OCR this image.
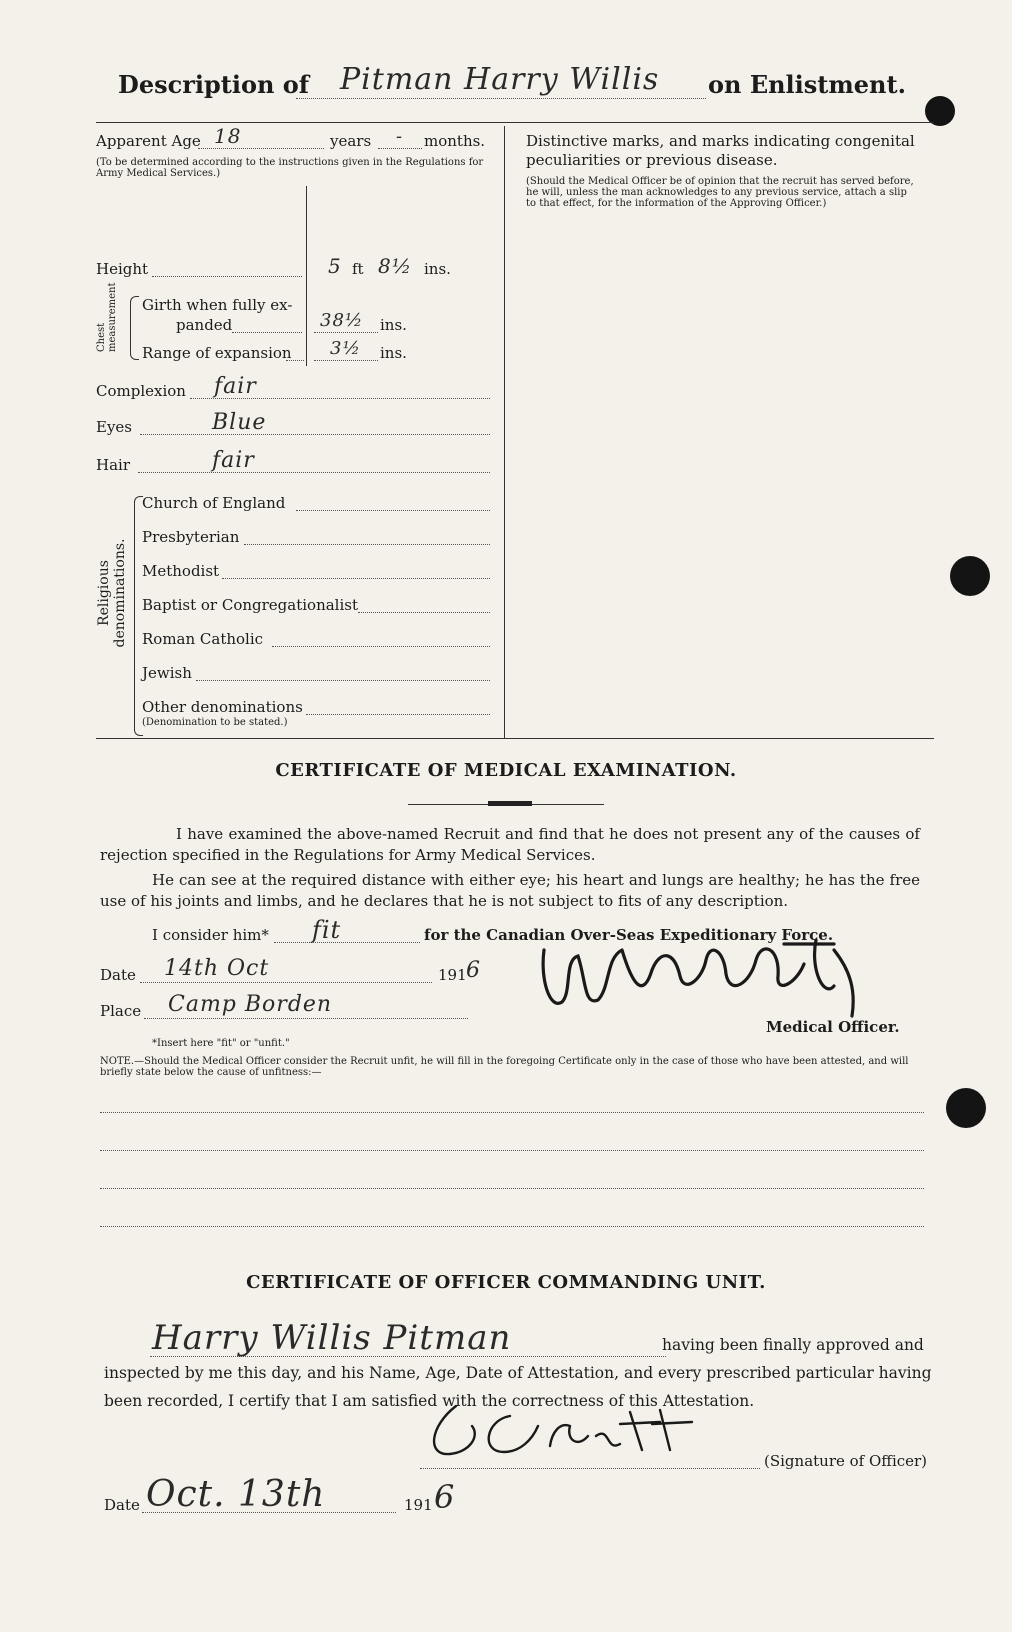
Description of Pitman Harry Willis on Enlistment.
Apparent Age 18	years - months.
(To be determined according to the instructions given in the Regulations for Army Medical Services.)
Height	5 ft 8½ ins.
Chest measurement Girth when fully ex-
panded	38½ ins.
Range of expansion 3½ ins.
Complexion fair
Eyes	Blue
Hair	fair
Religious denominations.
Church of England
Presbyterian
Methodist
Baptist or Congregationalist
Roman Catholic
Jewish
Other denominations
(Denomination to be stated.)
Distinctive marks, and marks indicating congenital peculiarities or previous disease.
(Should the Medical Officer be of opinion that the recruit has served before, he will, unless the man acknowledges to any previous service, attach a slip to that effect, for the information of the Approving Officer.)
CERTIFICATE OF MEDICAL EXAMINATION.
I have examined the above-named Recruit and find that he does not present any of the causes of rejection specified in the Regulations for Army Medical Services.
He can see at the required distance with either eye; his heart and lungs are healthy; he has the free use of his joints and limbs, and he declares that he is not subject to fits of any description.
I consider him* fit	for the Canadian Over-Seas Expeditionary Force.
Date 14th Oct	191 6
Place Camp Borden
Medical Officer.
*Insert here "fit" or "unfit."
NOTE.—Should the Medical Officer consider the Recruit unfit, he will fill in the foregoing Certificate only in the case of those who have been attested, and will briefly state below the cause of unfitness:—
CERTIFICATE OF OFFICER COMMANDING UNIT.
Harry Willis Pitman	having been finally approved and
inspected by me this day, and his Name, Age, Date of Attestation, and every prescribed particular having
been recorded, I certify that I am satisfied with the correctness of this Attestation.
(Signature of Officer)
Date Oct. 13th	191 6
